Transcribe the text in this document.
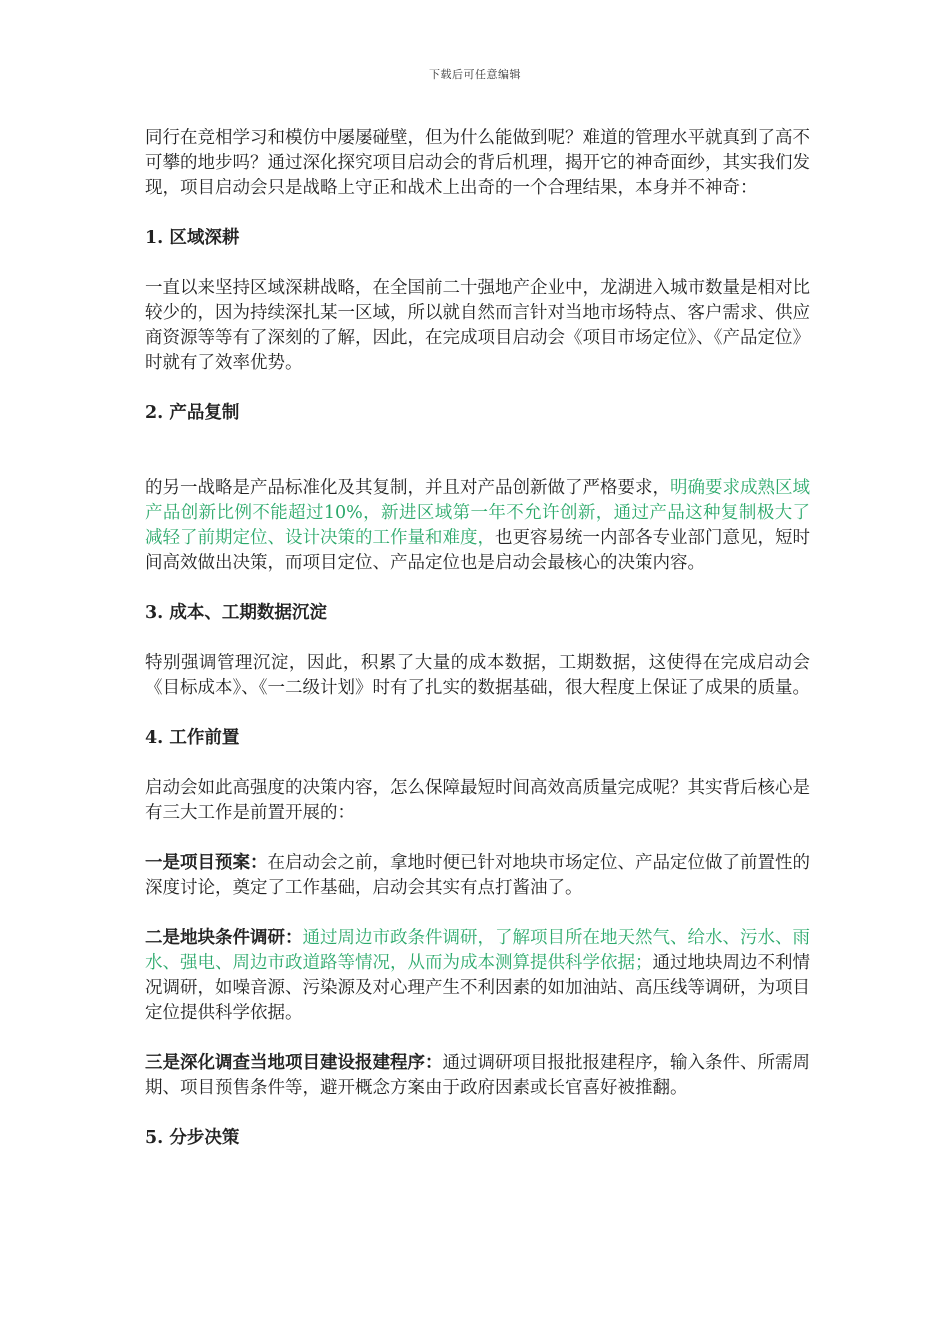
下载后可任意编辑

同行在竞相学习和模仿中屡屡碰壁，但为什么能做到呢？难道的管理水平就真到了高不可攀的地步吗？通过深化探究项目启动会的背后机理，揭开它的神奇面纱，其实我们发现，项目启动会只是战略上守正和战术上出奇的一个合理结果，本身并不神奇：

1. 区域深耕

一直以来坚持区域深耕战略，在全国前二十强地产企业中，龙湖进入城市数量是相对比较少的，因为持续深扎某一区域，所以就自然而言针对当地市场特点、客户需求、供应商资源等等有了深刻的了解，因此，在完成项目启动会《项目市场定位》、《产品定位》时就有了效率优势。

2. 产品复制

的另一战略是产品标准化及其复制，并且对产品创新做了严格要求，明确要求成熟区域产品创新比例不能超过10%，新进区域第一年不允许创新，通过产品这种复制极大了减轻了前期定位、设计决策的工作量和难度，也更容易统一内部各专业部门意见，短时间高效做出决策，而项目定位、产品定位也是启动会最核心的决策内容。

3. 成本、工期数据沉淀

特别强调管理沉淀，因此，积累了大量的成本数据，工期数据，这使得在完成启动会《目标成本》、《一二级计划》时有了扎实的数据基础，很大程度上保证了成果的质量。

4. 工作前置

启动会如此高强度的决策内容，怎么保障最短时间高效高质量完成呢？其实背后核心是有三大工作是前置开展的：

一是项目预案：在启动会之前，拿地时便已针对地块市场定位、产品定位做了前置性的深度讨论，奠定了工作基础，启动会其实有点打酱油了。

二是地块条件调研：通过周边市政条件调研，了解项目所在地天然气、给水、污水、雨水、强电、周边市政道路等情况，从而为成本测算提供科学依据；通过地块周边不利情况调研，如噪音源、污染源及对心理产生不利因素的如加油站、高压线等调研，为项目定位提供科学依据。

三是深化调查当地项目建设报建程序：通过调研项目报批报建程序，输入条件、所需周期、项目预售条件等，避开概念方案由于政府因素或长官喜好被推翻。

5. 分步决策
